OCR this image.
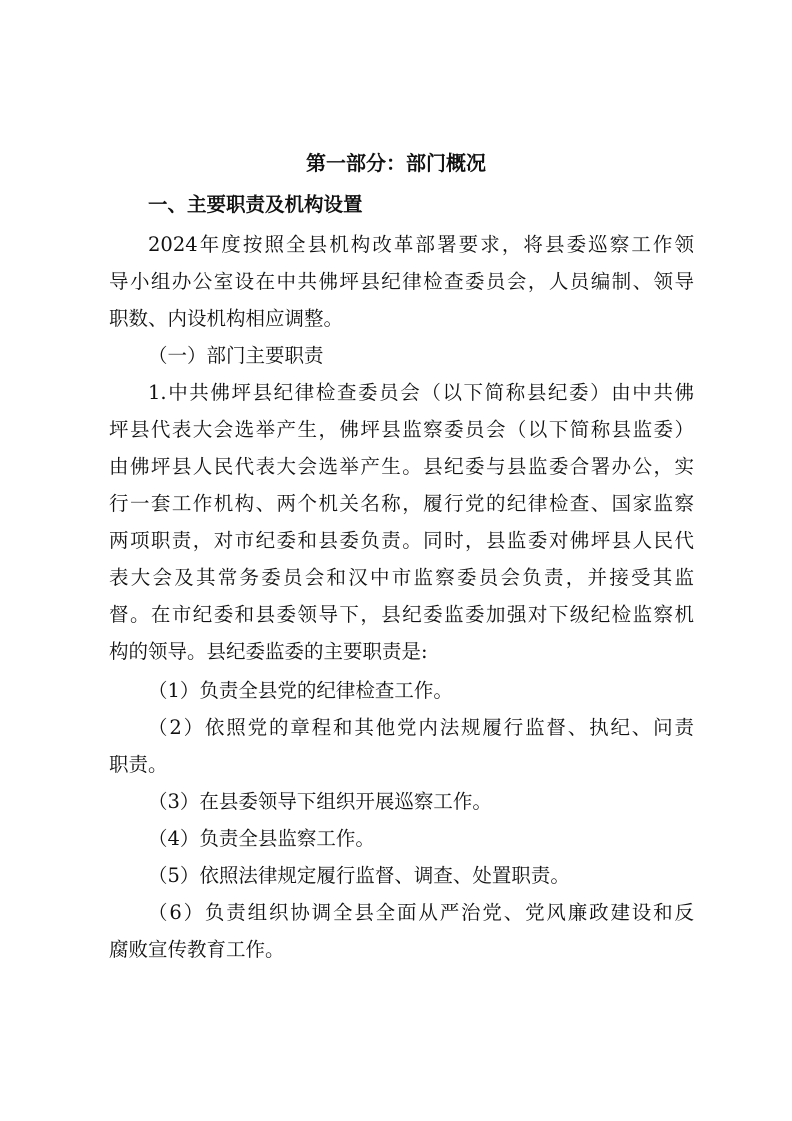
第一部分：部门概况

一、主要职责及机构设置

2024年度按照全县机构改革部署要求，将县委巡察工作领

导小组办公室设在中共佛坪县纪律检查委员会，人员编制、领导

职数、内设机构相应调整。

（一）部门主要职责

1.中共佛坪县纪律检查委员会（以下简称县纪委）由中共佛

坪县代表大会选举产生，佛坪县监察委员会（以下简称县监委）

由佛坪县人民代表大会选举产生。县纪委与县监委合署办公，实

行一套工作机构、两个机关名称，履行党的纪律检查、国家监察

两项职责，对市纪委和县委负责。同时，县监委对佛坪县人民代

表大会及其常务委员会和汉中市监察委员会负责，并接受其监

督。在市纪委和县委领导下，县纪委监委加强对下级纪检监察机

构的领导。县纪委监委的主要职责是:

（1）负责全县党的纪律检查工作。

（2）依照党的章程和其他党内法规履行监督、执纪、问责

职责。

（3）在县委领导下组织开展巡察工作。

（4）负责全县监察工作。

（5）依照法律规定履行监督、调查、处置职责。

（6）负责组织协调全县全面从严治党、党风廉政建设和反

腐败宣传教育工作。
